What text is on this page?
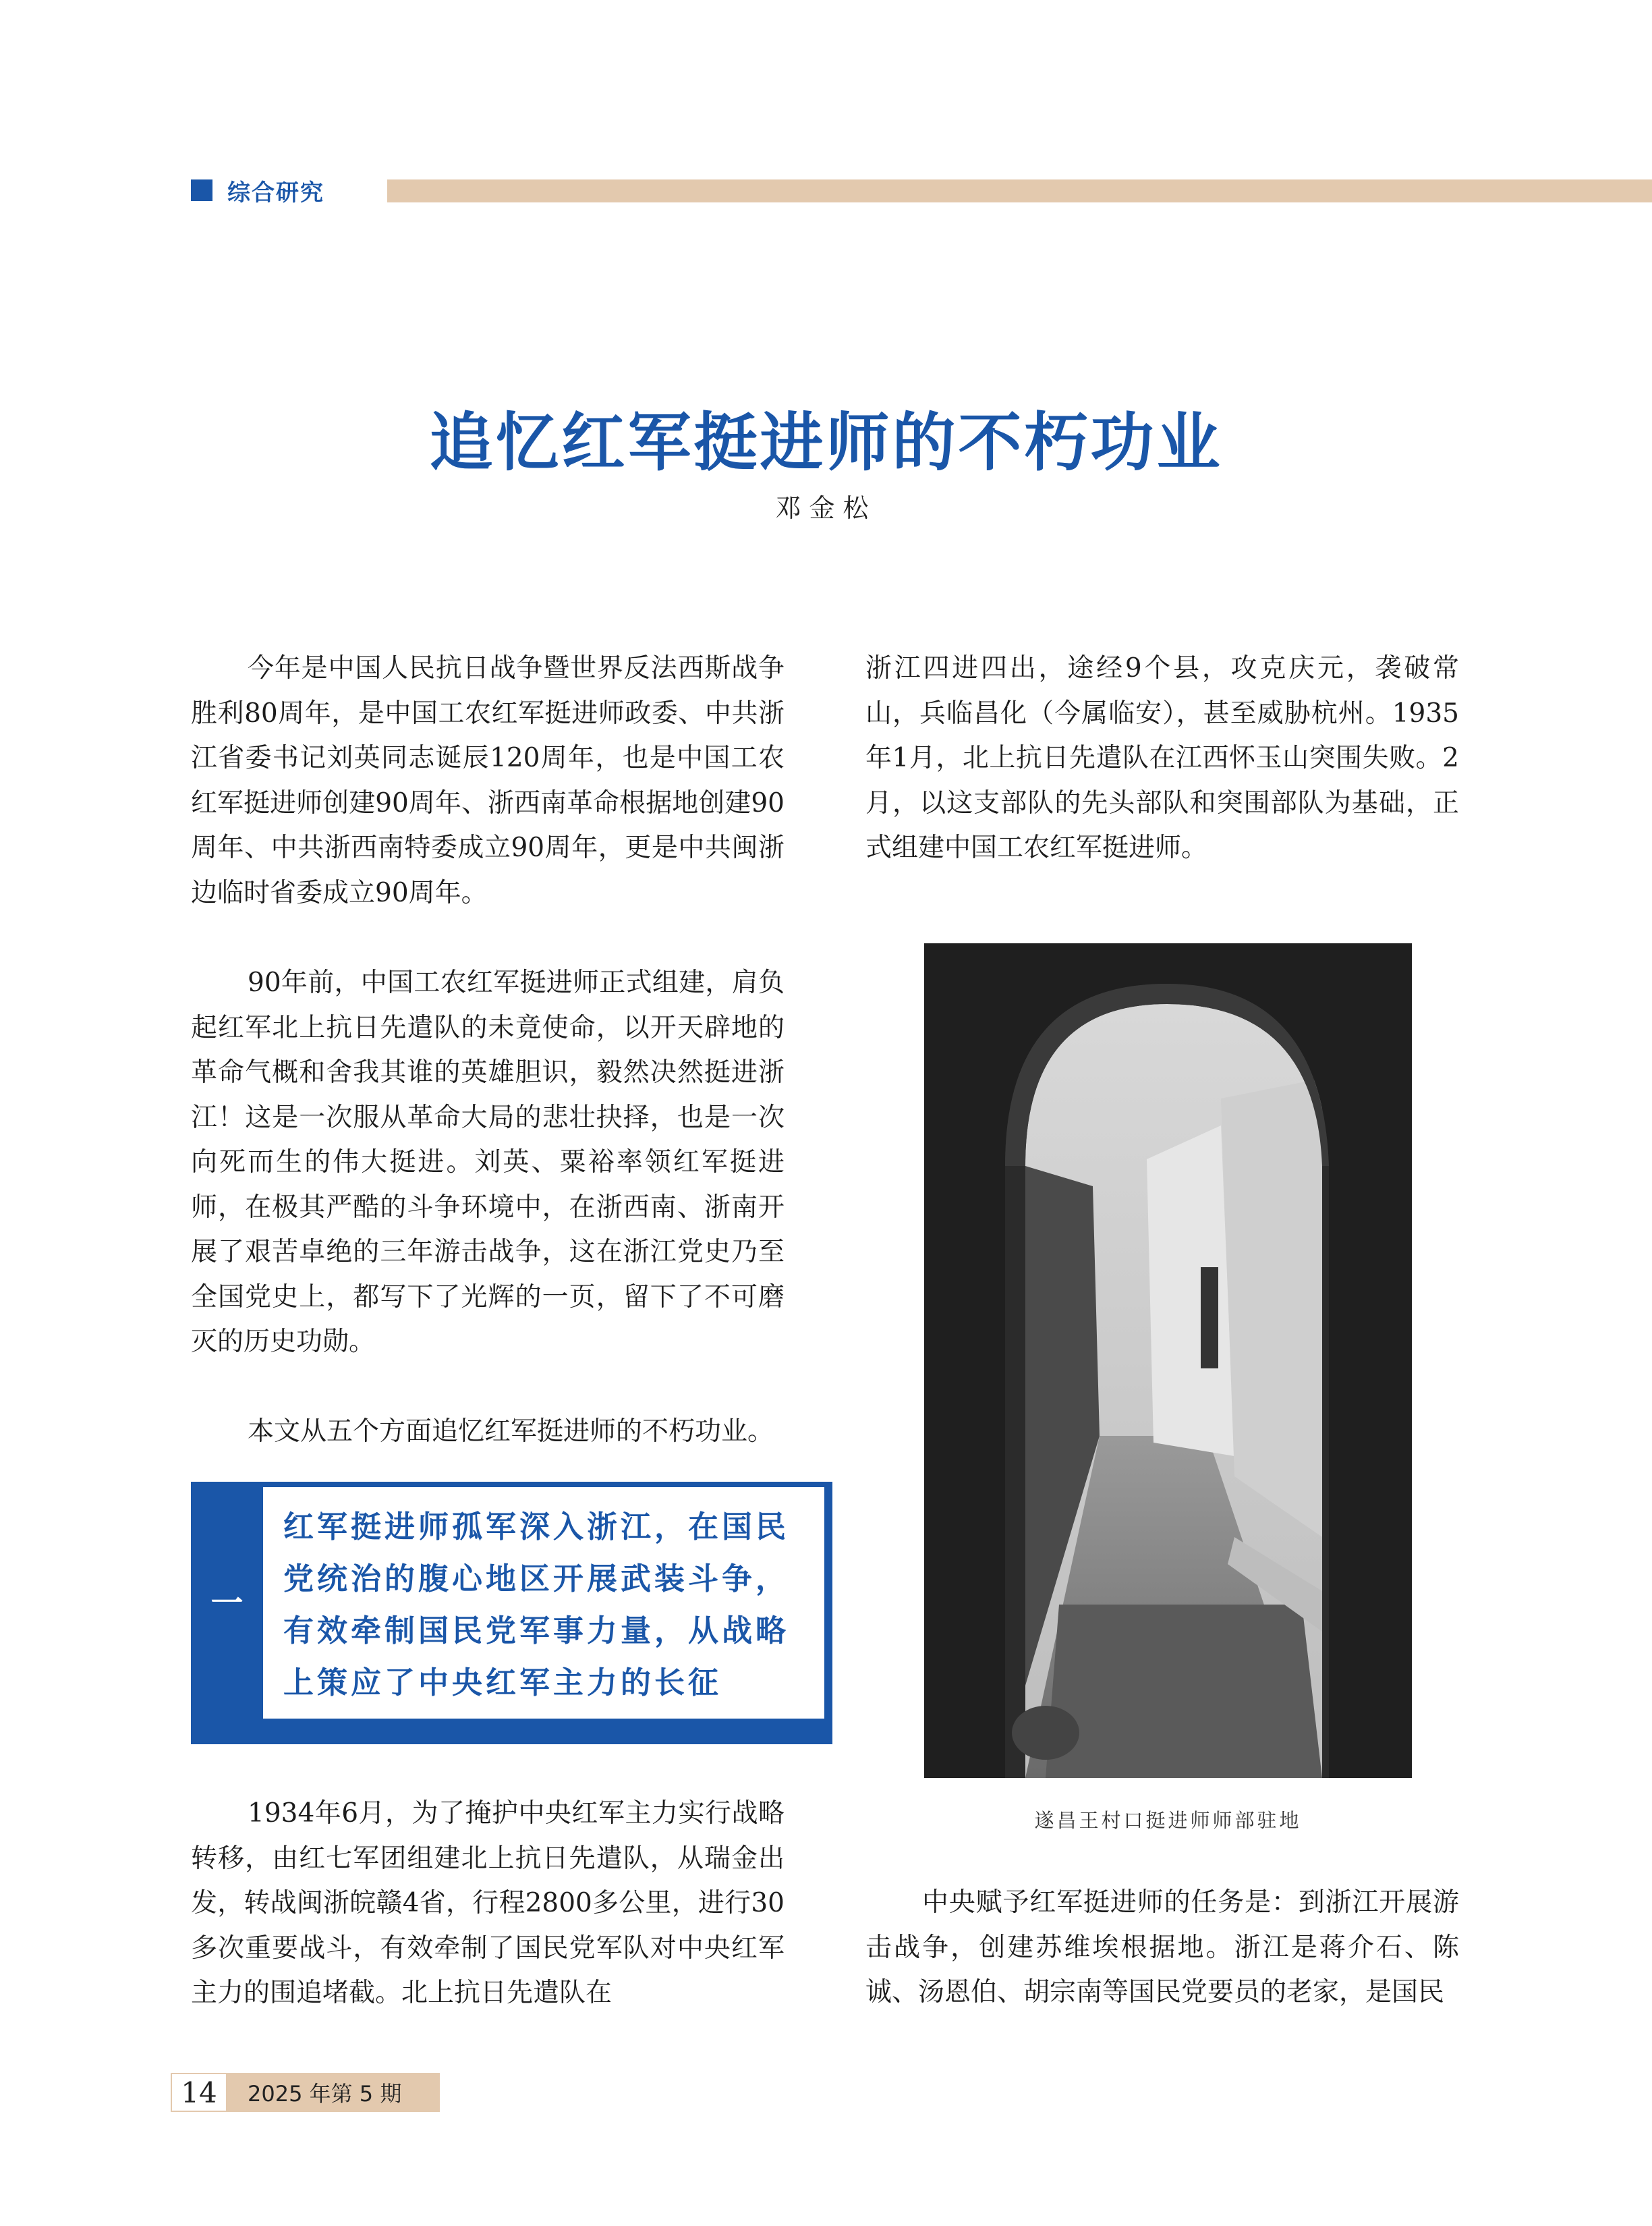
综合研究
追忆红军挺进师的不朽功业
邓金松

今年是中国人民抗日战争暨世界反法西斯战争胜利80周年，是中国工农红军挺进师政委、中共浙江省委书记刘英同志诞辰120周年，也是中国工农红军挺进师创建90周年、浙西南革命根据地创建90周年、中共浙西南特委成立90周年，更是中共闽浙边临时省委成立90周年。

90年前，中国工农红军挺进师正式组建，肩负起红军北上抗日先遣队的未竟使命，以开天辟地的革命气概和舍我其谁的英雄胆识，毅然决然挺进浙江！这是一次服从革命大局的悲壮抉择，也是一次向死而生的伟大挺进。刘英、粟裕率领红军挺进师，在极其严酷的斗争环境中，在浙西南、浙南开展了艰苦卓绝的三年游击战争，这在浙江党史乃至全国党史上，都写下了光辉的一页，留下了不可磨灭的历史功勋。

本文从五个方面追忆红军挺进师的不朽功业。

一
红军挺进师孤军深入浙江，在国民党统治的腹心地区开展武装斗争，有效牵制国民党军事力量，从战略上策应了中央红军主力的长征

1934年6月，为了掩护中央红军主力实行战略转移，由红七军团组建北上抗日先遣队，从瑞金出发，转战闽浙皖赣4省，行程2800多公里，进行30多次重要战斗，有效牵制了国民党军队对中央红军主力的围追堵截。北上抗日先遣队在

浙江四进四出，途经9个县，攻克庆元，袭破常山，兵临昌化（今属临安），甚至威胁杭州。1935年1月，北上抗日先遣队在江西怀玉山突围失败。2月，以这支部队的先头部队和突围部队为基础，正式组建中国工农红军挺进师。

遂昌王村口挺进师师部驻地

中央赋予红军挺进师的任务是：到浙江开展游击战争，创建苏维埃根据地。浙江是蒋介石、陈诚、汤恩伯、胡宗南等国民党要员的老家，是国民

14	2025 年第 5 期
